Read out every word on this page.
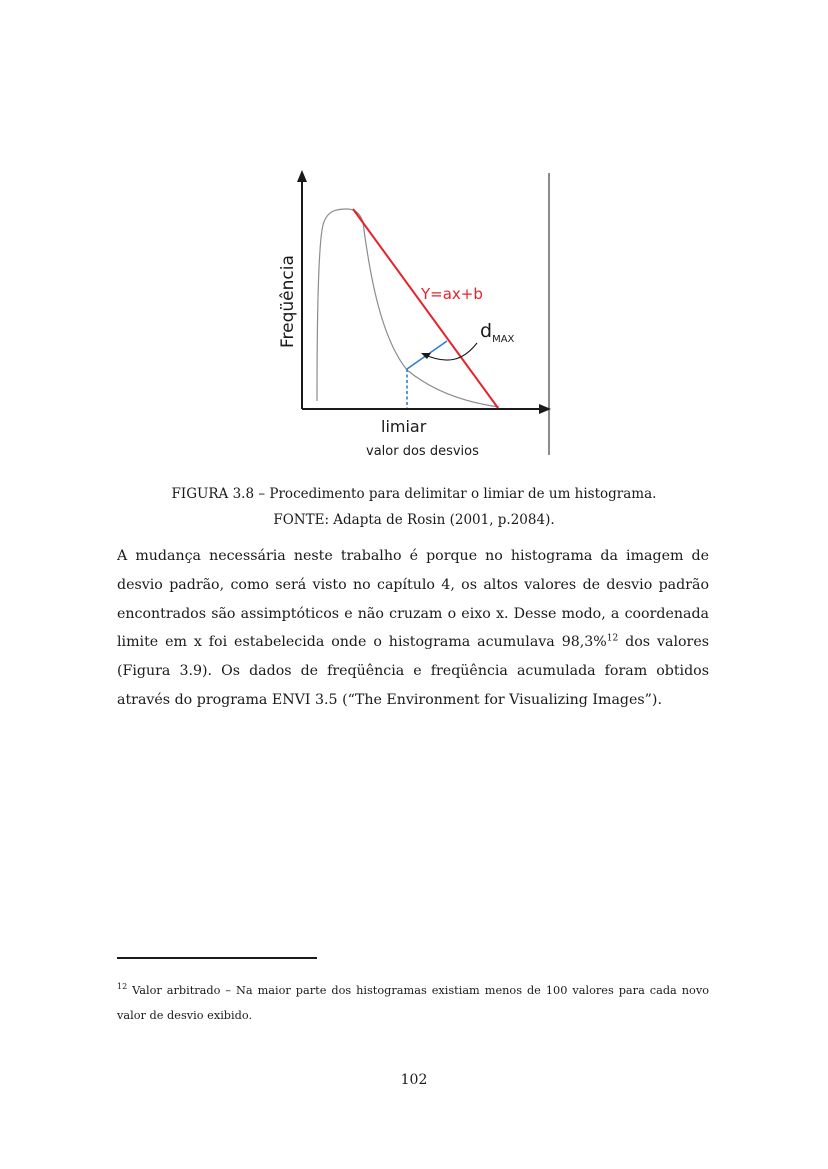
Freqüência
limiar
valor dos desvios
Y=ax+b
$d_{MAX}$
FIGURA 3.8 – Procedimento para delimitar o limiar de um histograma.
FONTE: Adapta de Rosin (2001, p.2084).

A mudança necessária neste trabalho é porque no histograma da imagem de desvio padrão, como será visto no capítulo 4, os altos valores de desvio padrão encontrados são assimptóticos e não cruzam o eixo x. Desse modo, a coordenada limite em x foi estabelecida onde o histograma acumulava 98,3%$^{12}$ dos valores (Figura 3.9). Os dados de freqüência e freqüência acumulada foram obtidos através do programa ENVI 3.5 (“The Environment for Visualizing Images”).

$^{12}$ Valor arbitrado – Na maior parte dos histogramas existiam menos de 100 valores para cada novo valor de desvio exibido.

102
